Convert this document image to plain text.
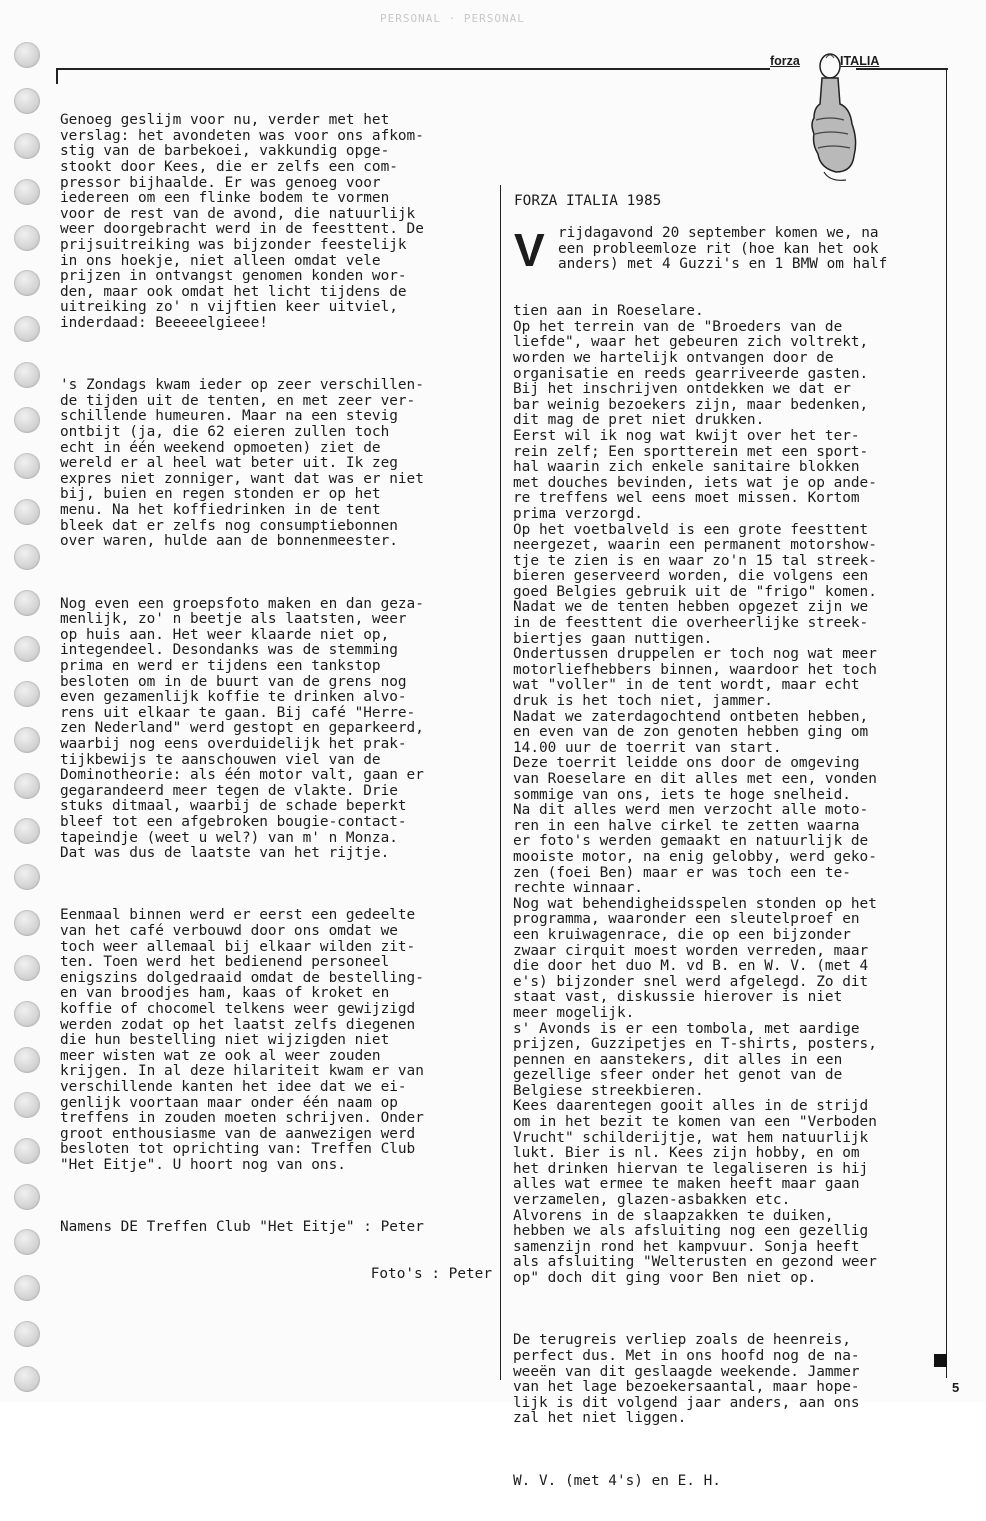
PERSONAL · PERSONAL
forza	ITALIA

Genoeg geslijm voor nu, verder met het
verslag: het avondeten was voor ons afkom-
stig van de barbekoei, vakkundig opge-
stookt door Kees, die er zelfs een com-
pressor bijhaalde. Er was genoeg voor
iedereen om een flinke bodem te vormen
voor de rest van de avond, die natuurlijk
weer doorgebracht werd in de feesttent. De
prijsuitreiking was bijzonder feestelijk
in ons hoekje, niet alleen omdat vele
prijzen in ontvangst genomen konden wor-
den, maar ook omdat het licht tijdens de
uitreiking zo' n vijftien keer uitviel,
inderdaad: Beeeeelgieee!

's Zondags kwam ieder op zeer verschillen-
de tijden uit de tenten, en met zeer ver-
schillende humeuren. Maar na een stevig
ontbijt (ja, die 62 eieren zullen toch
echt in één weekend opmoeten) ziet de
wereld er al heel wat beter uit. Ik zeg
expres niet zonniger, want dat was er niet
bij, buien en regen stonden er op het
menu. Na het koffiedrinken in de tent
bleek dat er zelfs nog consumptiebonnen
over waren, hulde aan de bonnenmeester.

Nog even een groepsfoto maken en dan geza-
menlijk, zo' n beetje als laatsten, weer
op huis aan. Het weer klaarde niet op,
integendeel. Desondanks was de stemming
prima en werd er tijdens een tankstop
besloten om in de buurt van de grens nog
even gezamenlijk koffie te drinken alvo-
rens uit elkaar te gaan. Bij café "Herre-
zen Nederland" werd gestopt en geparkeerd,
waarbij nog eens overduidelijk het prak-
tijkbewijs te aanschouwen viel van de
Dominotheorie: als één motor valt, gaan er
gegarandeerd meer tegen de vlakte. Drie
stuks ditmaal, waarbij de schade beperkt
bleef tot een afgebroken bougie-contact-
tapeindje (weet u wel?) van m' n Monza.
Dat was dus de laatste van het rijtje.

Eenmaal binnen werd er eerst een gedeelte
van het café verbouwd door ons omdat we
toch weer allemaal bij elkaar wilden zit-
ten. Toen werd het bedienend personeel
enigszins dolgedraaid omdat de bestelling-
en van broodjes ham, kaas of kroket en
koffie of chocomel telkens weer gewijzigd
werden zodat op het laatst zelfs diegenen
die hun bestelling niet wijzigden niet
meer wisten wat ze ook al weer zouden
krijgen. In al deze hilariteit kwam er van
verschillende kanten het idee dat we ei-
genlijk voortaan maar onder één naam op
treffens in zouden moeten schrijven. Onder
groot enthousiasme van de aanwezigen werd
besloten tot oprichting van: Treffen Club
"Het Eitje". U hoort nog van ons.

Namens DE Treffen Club "Het Eitje" : Peter

Foto's : Peter

FORZA ITALIA 1985
V rijdagavond 20 september komen we, na
een probleemloze rit (hoe kan het ook
anders) met 4 Guzzi's en 1 BMW om half

tien aan in Roeselare.
Op het terrein van de "Broeders van de
liefde", waar het gebeuren zich voltrekt,
worden we hartelijk ontvangen door de
organisatie en reeds gearriveerde gasten.
Bij het inschrijven ontdekken we dat er
bar weinig bezoekers zijn, maar bedenken,
dit mag de pret niet drukken.
Eerst wil ik nog wat kwijt over het ter-
rein zelf; Een sportterein met een sport-
hal waarin zich enkele sanitaire blokken
met douches bevinden, iets wat je op ande-
re treffens wel eens moet missen. Kortom
prima verzorgd.
Op het voetbalveld is een grote feesttent
neergezet, waarin een permanent motorshow-
tje te zien is en waar zo'n 15 tal streek-
bieren geserveerd worden, die volgens een
goed Belgies gebruik uit de "frigo" komen.
Nadat we de tenten hebben opgezet zijn we
in de feesttent die overheerlijke streek-
biertjes gaan nuttigen.
Ondertussen druppelen er toch nog wat meer
motorliefhebbers binnen, waardoor het toch
wat "voller" in de tent wordt, maar echt
druk is het toch niet, jammer.
Nadat we zaterdagochtend ontbeten hebben,
en even van de zon genoten hebben ging om
14.00 uur de toerrit van start.
Deze toerrit leidde ons door de omgeving
van Roeselare en dit alles met een, vonden
sommige van ons, iets te hoge snelheid.
Na dit alles werd men verzocht alle moto-
ren in een halve cirkel te zetten waarna
er foto's werden gemaakt en natuurlijk de
mooiste motor, na enig gelobby, werd geko-
zen (foei Ben) maar er was toch een te-
rechte winnaar.
Nog wat behendigheidsspelen stonden op het
programma, waaronder een sleutelproef en
een kruiwagenrace, die op een bijzonder
zwaar cirquit moest worden verreden, maar
die door het duo M. vd B. en W. V. (met 4
e's) bijzonder snel werd afgelegd. Zo dit
staat vast, diskussie hierover is niet
meer mogelijk.
s' Avonds is er een tombola, met aardige
prijzen, Guzzipetjes en T-shirts, posters,
pennen en aanstekers, dit alles in een
gezellige sfeer onder het genot van de
Belgiese streekbieren.
Kees daarentegen gooit alles in de strijd
om in het bezit te komen van een "Verboden
Vrucht" schilderijtje, wat hem natuurlijk
lukt. Bier is nl. Kees zijn hobby, en om
het drinken hiervan te legaliseren is hij
alles wat ermee te maken heeft maar gaan
verzamelen, glazen-asbakken etc.
Alvorens in de slaapzakken te duiken,
hebben we als afsluiting nog een gezellig
samenzijn rond het kampvuur. Sonja heeft
als afsluiting "Welterusten en gezond weer
op" doch dit ging voor Ben niet op.

De terugreis verliep zoals de heenreis,
perfect dus. Met in ons hoofd nog de na-
weeën van dit geslaagde weekende. Jammer
van het lage bezoekersaantal, maar hope-
lijk is dit volgend jaar anders, aan ons
zal het niet liggen.

W. V. (met 4's) en E. H.

5
